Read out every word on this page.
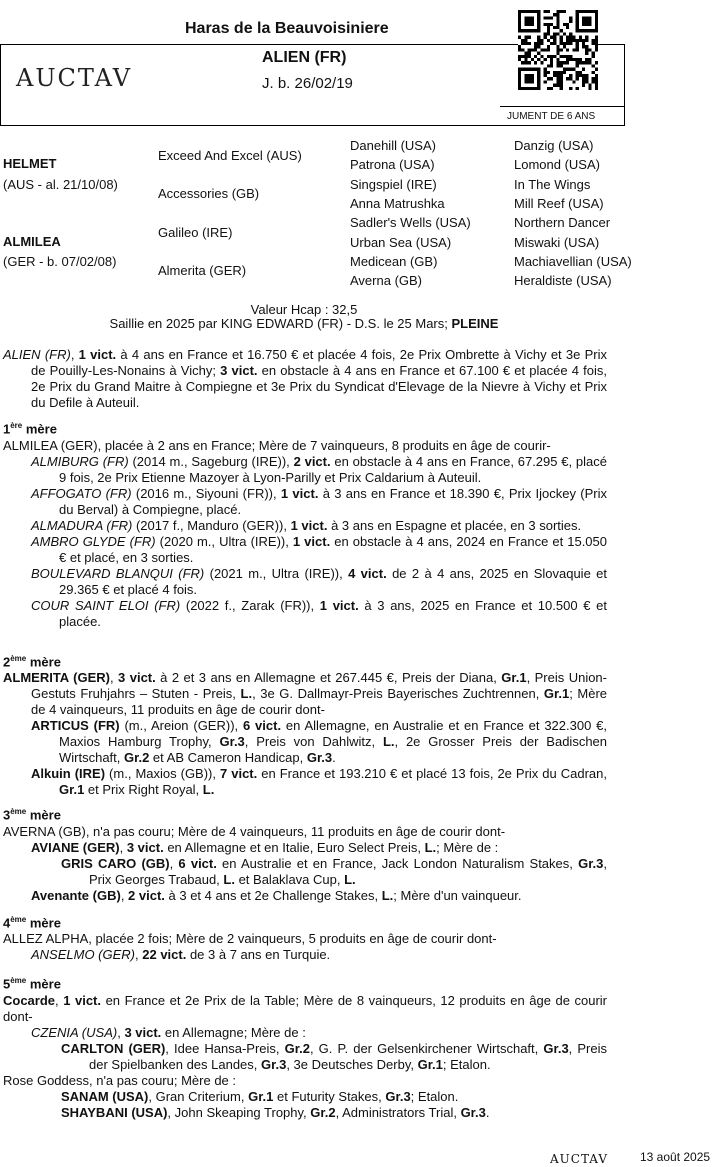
Haras de la Beauvoisiniere
AUCTAV
ALIEN (FR)
J. b. 26/02/19
JUMENT DE 6 ANS
HELMET
(AUS - al. 21/10/08)
ALMILEA
(GER - b. 07/02/08)
Exceed And Excel (AUS)
Accessories (GB)
Galileo (IRE)
Almerita (GER)
Danehill (USA)
Patrona (USA)
Singspiel (IRE)
Anna Matrushka
Sadler's Wells (USA)
Urban Sea (USA)
Medicean (GB)
Averna (GB)
Danzig (USA)
Lomond (USA)
In The Wings
Mill Reef (USA)
Northern Dancer
Miswaki (USA)
Machiavellian (USA)
Heraldiste (USA)
Valeur Hcap : 32,5
Saillie en 2025 par KING EDWARD (FR) - D.S. le 25 Mars; PLEINE
ALIEN (FR), 1 vict. à 4 ans en France et 16.750 € et placée 4 fois, 2e Prix Ombrette à Vichy et 3e Prix de Pouilly-Les-Nonains à Vichy; 3 vict. en obstacle à 4 ans en France et 67.100 € et placée 4 fois, 2e Prix du Grand Maitre à Compiegne et 3e Prix du Syndicat d'Elevage de la Nievre à Vichy et Prix du Defile à Auteuil.
1ère mère
ALMILEA (GER), placée à 2 ans en France; Mère de 7 vainqueurs, 8 produits en âge de courir-
ALMIBURG (FR) (2014 m., Sageburg (IRE)), 2 vict. en obstacle à 4 ans en France, 67.295 €, placé 9 fois, 2e Prix Etienne Mazoyer à Lyon-Parilly et Prix Caldarium à Auteuil.
AFFOGATO (FR) (2016 m., Siyouni (FR)), 1 vict. à 3 ans en France et 18.390 €, Prix Ijockey (Prix du Berval) à Compiegne, placé.
ALMADURA (FR) (2017 f., Manduro (GER)), 1 vict. à 3 ans en Espagne et placée, en 3 sorties.
AMBRO GLYDE (FR) (2020 m., Ultra (IRE)), 1 vict. en obstacle à 4 ans, 2024 en France et 15.050 € et placé, en 3 sorties.
BOULEVARD BLANQUI (FR) (2021 m., Ultra (IRE)), 4 vict. de 2 à 4 ans, 2025 en Slovaquie et 29.365 € et placé 4 fois.
COUR SAINT ELOI (FR) (2022 f., Zarak (FR)), 1 vict. à 3 ans, 2025 en France et 10.500 € et placée.
2ème mère
ALMERITA (GER), 3 vict. à 2 et 3 ans en Allemagne et 267.445 €, Preis der Diana, Gr.1, Preis Union-Gestuts Fruhjahrs – Stuten - Preis, L., 3e G. Dallmayr-Preis Bayerisches Zuchtrennen, Gr.1; Mère de 4 vainqueurs, 11 produits en âge de courir dont-
ARTICUS (FR) (m., Areion (GER)), 6 vict. en Allemagne, en Australie et en France et 322.300 €, Maxios Hamburg Trophy, Gr.3, Preis von Dahlwitz, L., 2e Grosser Preis der Badischen Wirtschaft, Gr.2 et AB Cameron Handicap, Gr.3.
Alkuin (IRE) (m., Maxios (GB)), 7 vict. en France et 193.210 € et placé 13 fois, 2e Prix du Cadran, Gr.1 et Prix Right Royal, L.
3ème mère
AVERNA (GB), n'a pas couru; Mère de 4 vainqueurs, 11 produits en âge de courir dont-
AVIANE (GER), 3 vict. en Allemagne et en Italie, Euro Select Preis, L.; Mère de :
GRIS CARO (GB), 6 vict. en Australie et en France, Jack London Naturalism Stakes, Gr.3, Prix Georges Trabaud, L. et Balaklava Cup, L.
Avenante (GB), 2 vict. à 3 et 4 ans et 2e Challenge Stakes, L.; Mère d'un vainqueur.
4ème mère
ALLEZ ALPHA, placée 2 fois; Mère de 2 vainqueurs, 5 produits en âge de courir dont-
ANSELMO (GER), 22 vict. de 3 à 7 ans en Turquie.
5ème mère
Cocarde, 1 vict. en France et 2e Prix de la Table; Mère de 8 vainqueurs, 12 produits en âge de courir dont-
CZENIA (USA), 3 vict. en Allemagne; Mère de :
CARLTON (GER), Idee Hansa-Preis, Gr.2, G. P. der Gelsenkirchener Wirtschaft, Gr.3, Preis der Spielbanken des Landes, Gr.3, 3e Deutsches Derby, Gr.1; Etalon.
Rose Goddess, n'a pas couru; Mère de :
SANAM (USA), Gran Criterium, Gr.1 et Futurity Stakes, Gr.3; Etalon.
SHAYBANI (USA), John Skeaping Trophy, Gr.2, Administrators Trial, Gr.3.
AUCTAV	13 août 2025
